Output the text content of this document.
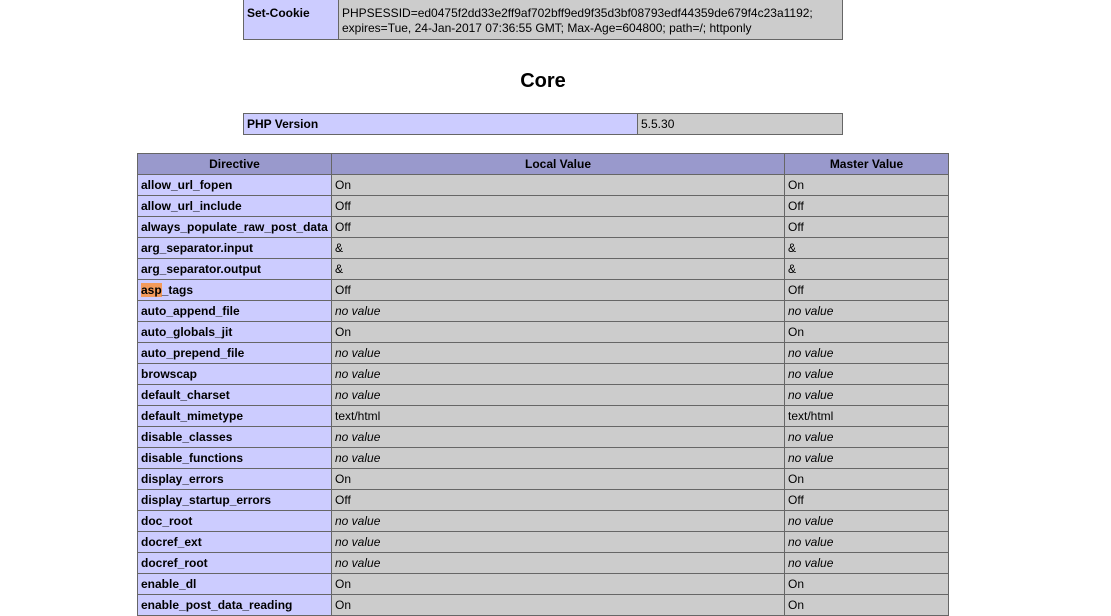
Set-Cookie	PHPSESSID=ed0475f2dd33e2ff9af702bff9ed9f35d3bf08793edf44359de679f4c23a1192;
expires=Tue, 24-Jan-2017 07:36:55 GMT; Max-Age=604800; path=/; httponly
Core
PHP Version	5.5.30
Directive	Local Value	Master Value
allow_url_fopen	On	On
allow_url_include	Off	Off
always_populate_raw_post_data	Off	Off
arg_separator.input	&	&
arg_separator.output	&	&
asp_tags	Off	Off
auto_append_file	no value	no value
auto_globals_jit	On	On
auto_prepend_file	no value	no value
browscap	no value	no value
default_charset	no value	no value
default_mimetype	text/html	text/html
disable_classes	no value	no value
disable_functions	no value	no value
display_errors	On	On
display_startup_errors	Off	Off
doc_root	no value	no value
docref_ext	no value	no value
docref_root	no value	no value
enable_dl	On	On
enable_post_data_reading	On	On
